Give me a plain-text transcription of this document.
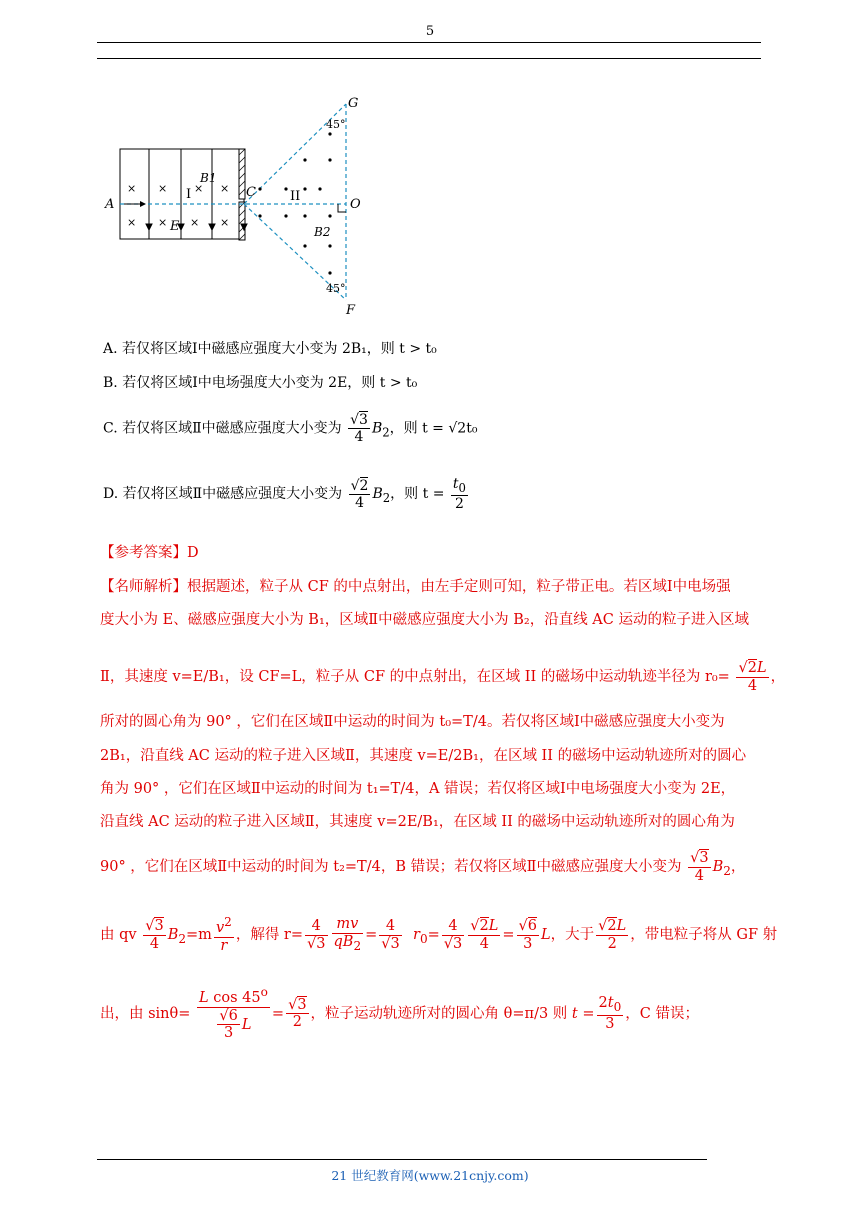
5
× ×	×
× × × ×
×
A
C
O
G
F
E
B1
B2
I	II
45°
45°
A. 若仅将区域Ⅰ中磁感应强度大小变为 2B₁，则 t > t₀
B. 若仅将区域Ⅰ中电场强度大小变为 2E，则 t > t₀
C. 若仅将区域Ⅱ中磁感应强度大小变为 $\frac{√3}{4} B_2$，则 t = √2t₀
D. 若仅将区域Ⅱ中磁感应强度大小变为 $\frac{√2}{4} B_2$，则 $t = \frac{t_0}{2}$
【参考答案】D
【名师解析】根据题述，粒子从 CF 的中点射出，由左手定则可知，粒子带正电。若区域Ⅰ中电场强
度大小为 E、磁感应强度大小为 B₁，区域Ⅱ中磁感应强度大小为 B₂，沿直线 AC 运动的粒子进入区域
Ⅱ，其速度 v=E/B₁，设 CF=L，粒子从 CF 的中点射出，在区域 II 的磁场中运动轨迹半径为 $r_0= \frac{√2L}{4}$ ，
所对的圆心角为 90° ，它们在区域Ⅱ中运动的时间为 t₀=T/4。若仅将区域Ⅰ中磁感应强度大小变为
2B₁，沿直线 AC 运动的粒子进入区域Ⅱ，其速度 v=E/2B₁，在区域 II 的磁场中运动轨迹所对的圆心
角为 90° ，它们在区域Ⅱ中运动的时间为 t₁=T/4，A 错误；若仅将区域Ⅰ中电场强度大小变为 2E，
沿直线 AC 运动的粒子进入区域Ⅱ，其速度 v=2E/B₁，在区域 II 的磁场中运动轨迹所对的圆心角为
90° ，它们在区域Ⅱ中运动的时间为 t₂=T/4，B 错误；若仅将区域Ⅱ中磁感应强度大小变为 $\frac{√3}{4} B_2$，
由 qv $\frac{√3}{4} B_2=m \frac{v^2}{r}$ ，解得 $r= \frac{4}{√3} \frac{mv}{qB_2} = \frac{4}{√3} r_0= \frac{4}{√3} \frac{√2L}{4} = \frac{√6}{3}$ L，大于 $\frac{√2L}{2}$ ，带电粒子将从 GF 射
出，由 $\sin\theta= \frac{L \cos 45^o}{\frac{√6}{3} L} = \frac{√3}{2}$ ，粒子运动轨迹所对的圆心角 θ=π/3 则 $t = \frac{2t_0}{3}$ ，C 错误；
21 世纪教育网(www.21cnjy.com)
